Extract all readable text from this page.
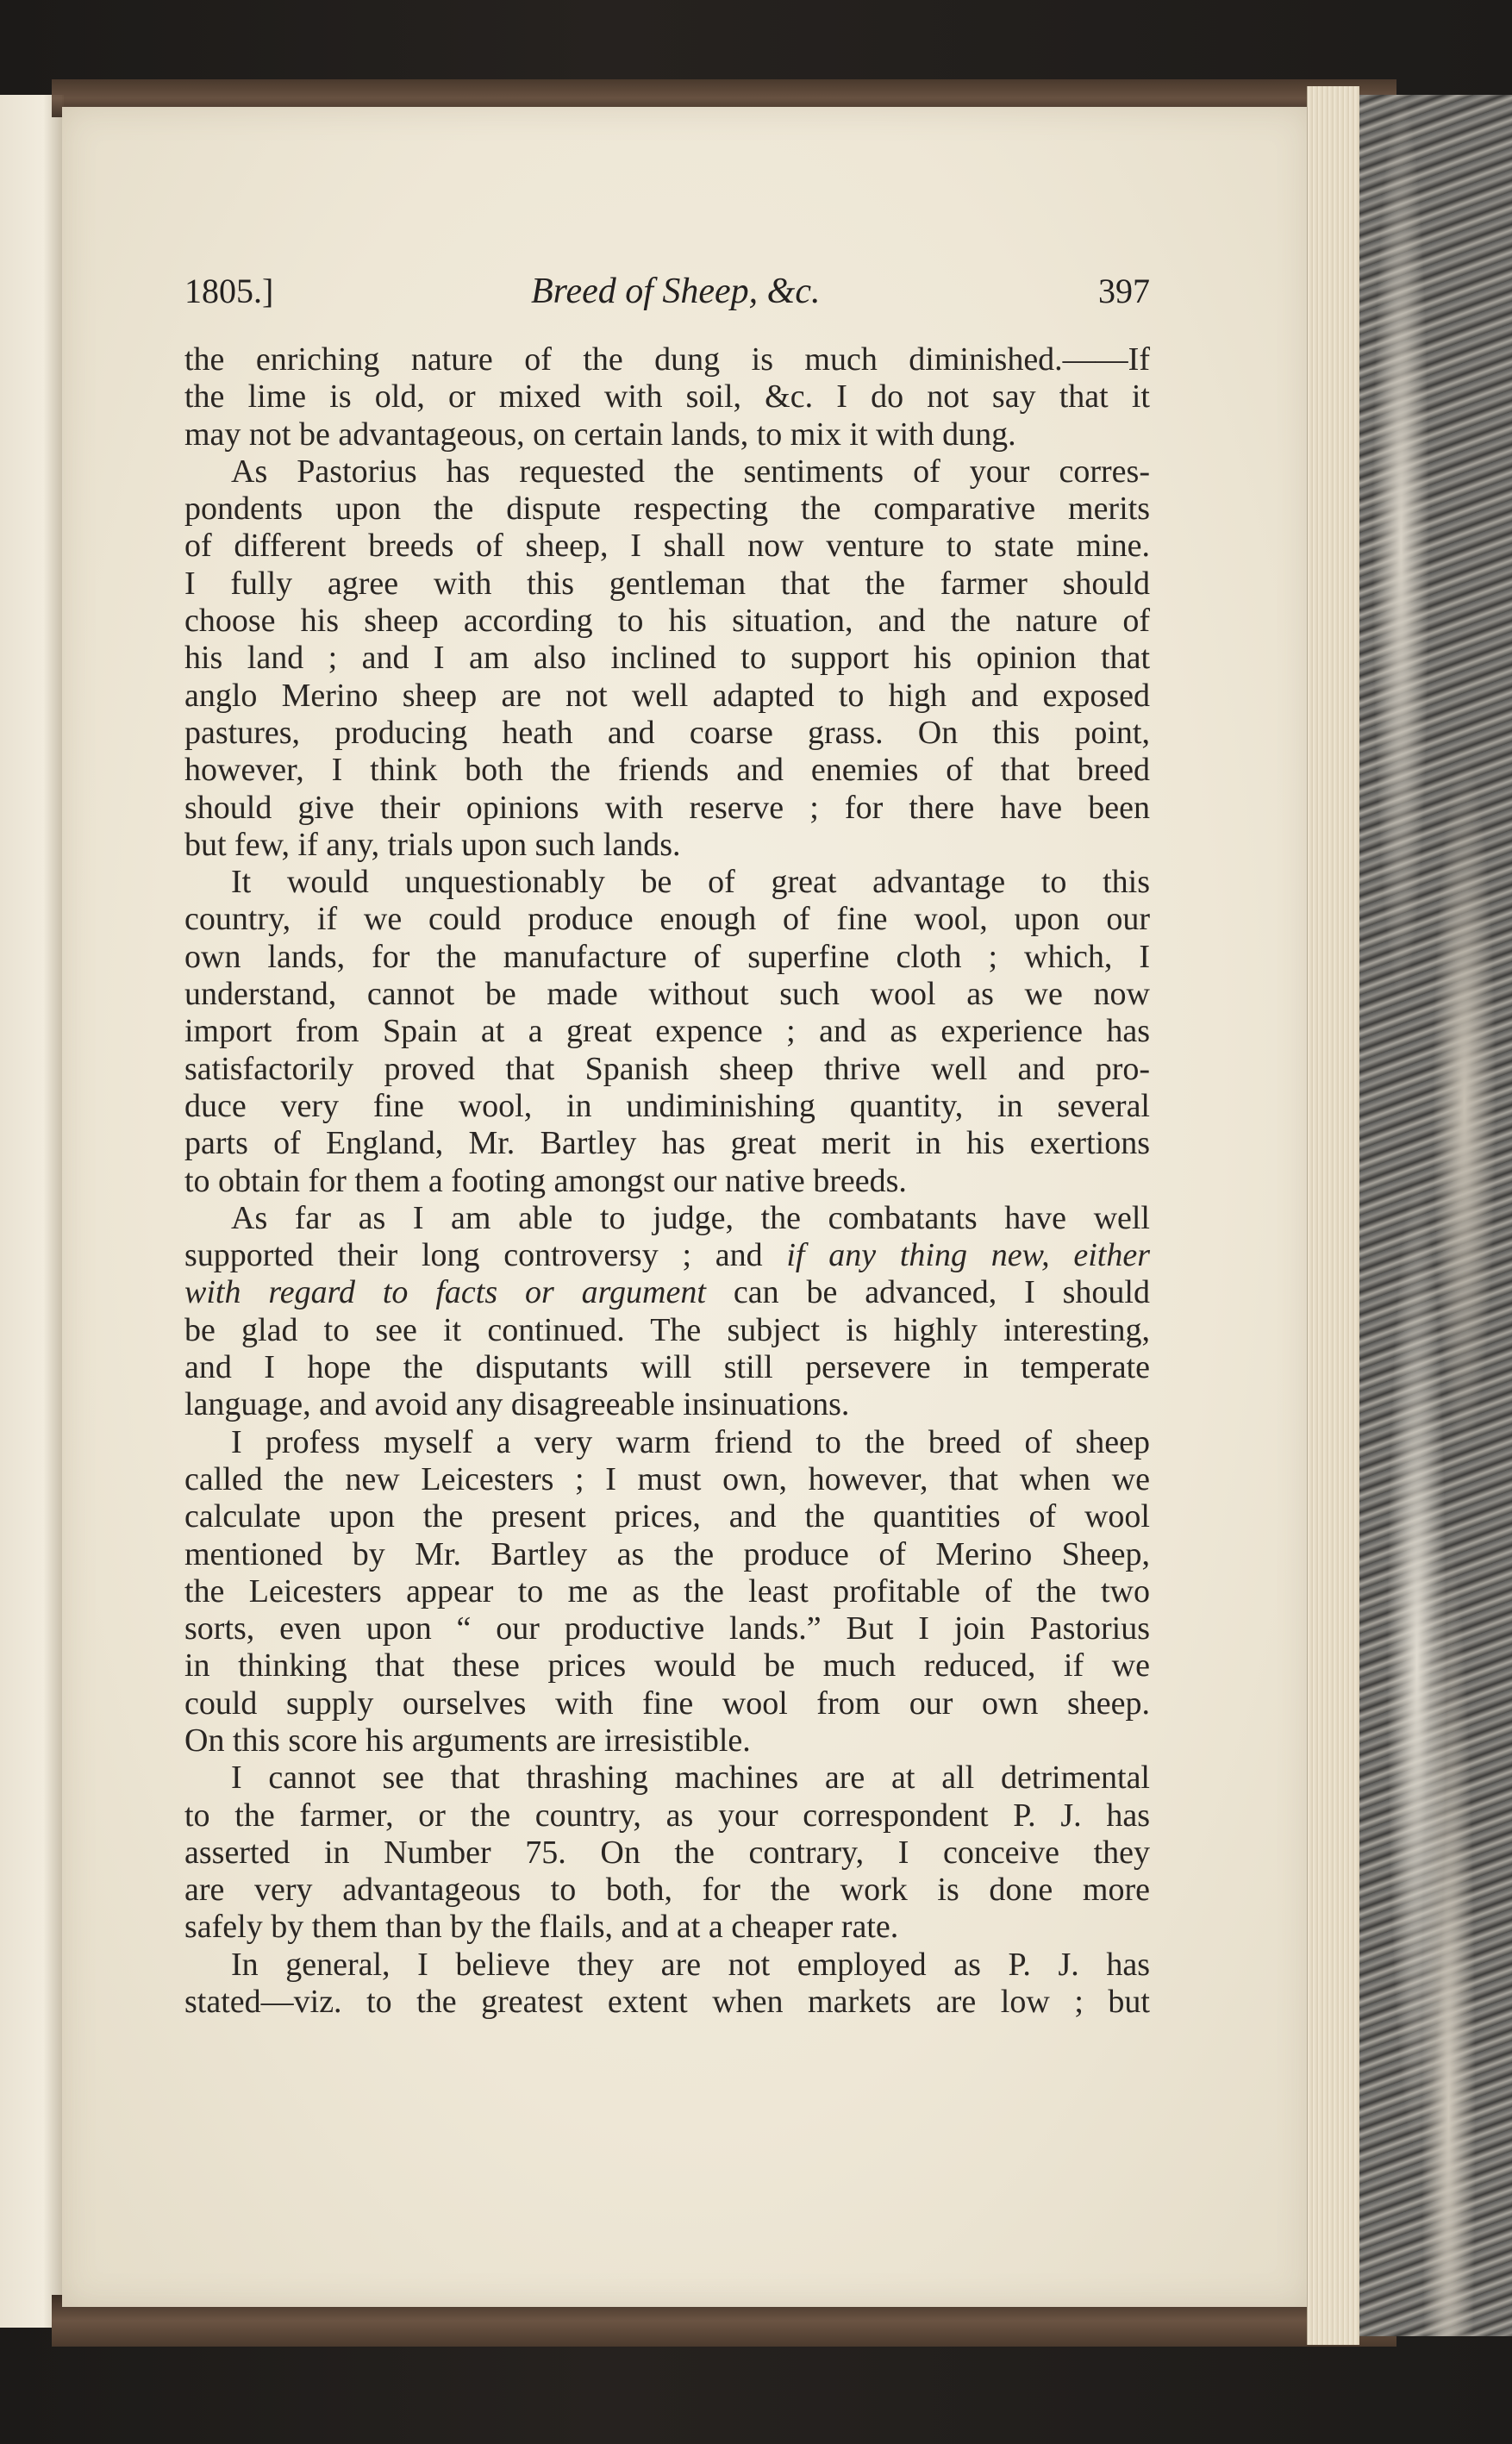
1805.]	Breed of Sheep, &c.	397
the enriching nature of the dung is much diminished.——If
the lime is old, or mixed with soil, &c. I do not say that it
may not be advantageous, on certain lands, to mix it with dung.
As Pastorius has requested the sentiments of your corres-
pondents upon the dispute respecting the comparative merits
of different breeds of sheep, I shall now venture to state mine.
I fully agree with this gentleman that the farmer should
choose his sheep according to his situation, and the nature of
his land ; and I am also inclined to support his opinion that
anglo Merino sheep are not well adapted to high and exposed
pastures, producing heath and coarse grass. On this point,
however, I think both the friends and enemies of that breed
should give their opinions with reserve ; for there have been
but few, if any, trials upon such lands.
It would unquestionably be of great advantage to this
country, if we could produce enough of fine wool, upon our
own lands, for the manufacture of superfine cloth ; which, I
understand, cannot be made without such wool as we now
import from Spain at a great expence ; and as experience has
satisfactorily proved that Spanish sheep thrive well and pro-
duce very fine wool, in undiminishing quantity, in several
parts of England, Mr. Bartley has great merit in his exertions
to obtain for them a footing amongst our native breeds.
As far as I am able to judge, the combatants have well
supported their long controversy ; and if any thing new, either
with regard to facts or argument can be advanced, I should
be glad to see it continued. The subject is highly interesting,
and I hope the disputants will still persevere in temperate
language, and avoid any disagreeable insinuations.
I profess myself a very warm friend to the breed of sheep
called the new Leicesters ; I must own, however, that when we
calculate upon the present prices, and the quantities of wool
mentioned by Mr. Bartley as the produce of Merino Sheep,
the Leicesters appear to me as the least profitable of the two
sorts, even upon “ our productive lands.” But I join Pastorius
in thinking that these prices would be much reduced, if we
could supply ourselves with fine wool from our own sheep.
On this score his arguments are irresistible.
I cannot see that thrashing machines are at all detrimental
to the farmer, or the country, as your correspondent P. J. has
asserted in Number 75. On the contrary, I conceive they
are very advantageous to both, for the work is done more
safely by them than by the flails, and at a cheaper rate.
In general, I believe they are not employed as P. J. has
stated—viz. to the greatest extent when markets are low ; but
